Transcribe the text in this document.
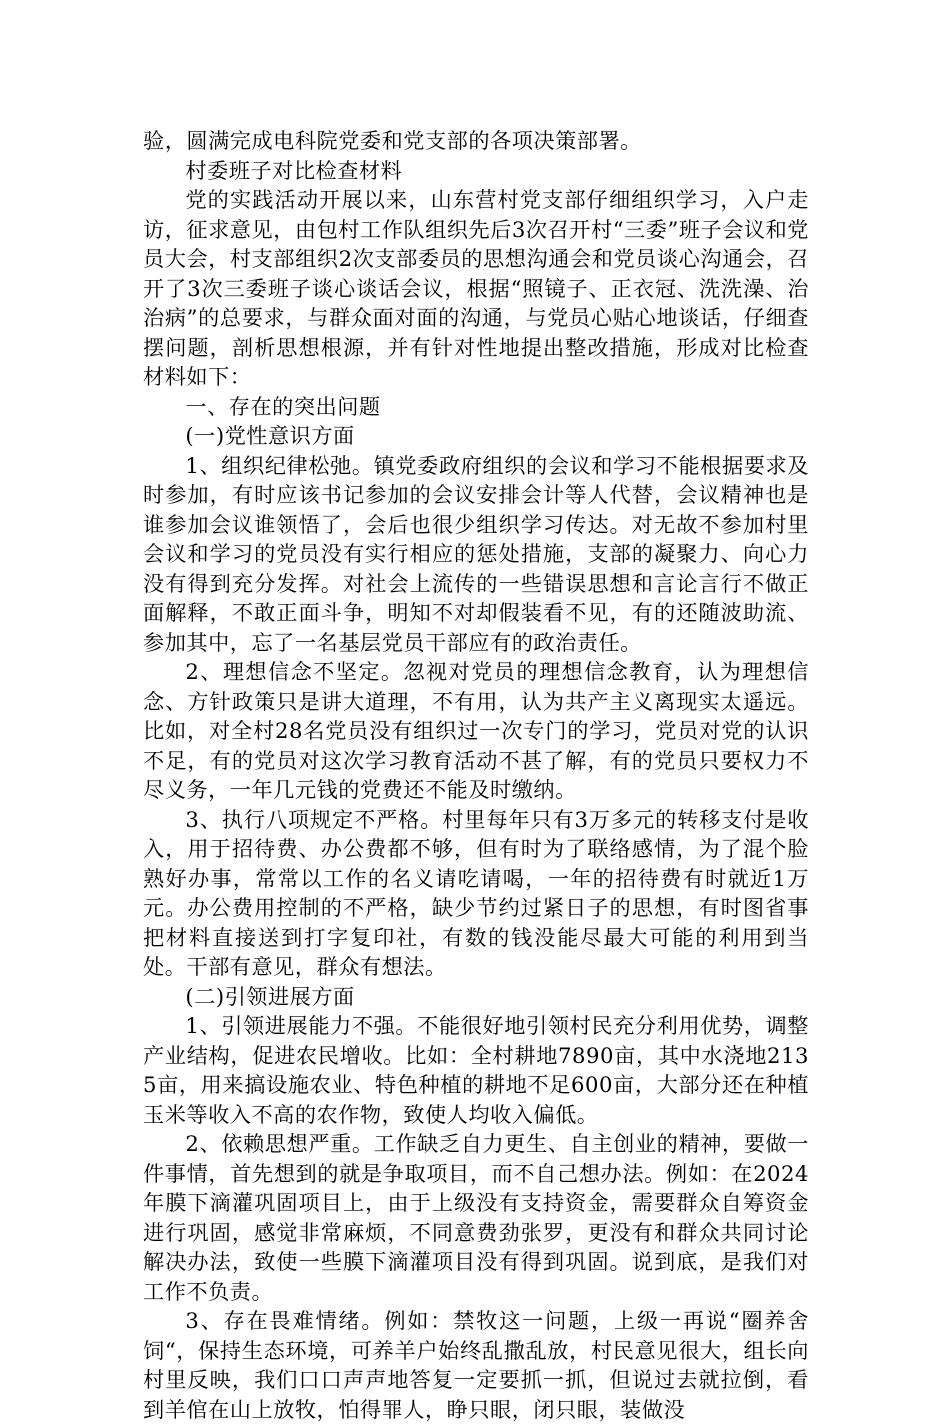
验，圆满完成电科院党委和党支部的各项决策部署。

村委班子对比检查材料

党的实践活动开展以来，山东营村党支部仔细组织学习，入户走访，征求意见，由包村工作队组织先后3次召开村“三委”班子会议和党员大会，村支部组织2次支部委员的思想沟通会和党员谈心沟通会，召开了3次三委班子谈心谈话会议，根据“照镜子、正衣冠、洗洗澡、治治病”的总要求，与群众面对面的沟通，与党员心贴心地谈话，仔细查摆问题，剖析思想根源，并有针对性地提出整改措施，形成对比检查材料如下：

一、存在的突出问题

(一)党性意识方面

1、组织纪律松弛。镇党委政府组织的会议和学习不能根据要求及时参加，有时应该书记参加的会议安排会计等人代替，会议精神也是谁参加会议谁领悟了，会后也很少组织学习传达。对无故不参加村里会议和学习的党员没有实行相应的惩处措施，支部的凝聚力、向心力没有得到充分发挥。对社会上流传的一些错误思想和言论言行不做正面解释，不敢正面斗争，明知不对却假装看不见，有的还随波助流、参加其中，忘了一名基层党员干部应有的政治责任。

2、理想信念不坚定。忽视对党员的理想信念教育，认为理想信念、方针政策只是讲大道理，不有用，认为共产主义离现实太遥远。比如，对全村28名党员没有组织过一次专门的学习，党员对党的认识不足，有的党员对这次学习教育活动不甚了解，有的党员只要权力不尽义务，一年几元钱的党费还不能及时缴纳。

3、执行八项规定不严格。村里每年只有3万多元的转移支付是收入，用于招待费、办公费都不够，但有时为了联络感情，为了混个脸熟好办事，常常以工作的名义请吃请喝，一年的招待费有时就近1万元。办公费用控制的不严格，缺少节约过紧日子的思想，有时图省事把材料直接送到打字复印社，有数的钱没能尽最大可能的利用到当处。干部有意见，群众有想法。

(二)引领进展方面

1、引领进展能力不强。不能很好地引领村民充分利用优势，调整产业结构，促进农民增收。比如：全村耕地7890亩，其中水浇地2135亩，用来搞设施农业、特色种植的耕地不足600亩，大部分还在种植玉米等收入不高的农作物，致使人均收入偏低。

2、依赖思想严重。工作缺乏自力更生、自主创业的精神，要做一件事情，首先想到的就是争取项目，而不自己想办法。例如：在2024年膜下滴灌巩固项目上，由于上级没有支持资金，需要群众自筹资金进行巩固，感觉非常麻烦，不同意费劲张罗，更没有和群众共同讨论解决办法，致使一些膜下滴灌项目没有得到巩固。说到底，是我们对工作不负责。

3、存在畏难情绪。例如：禁牧这一问题，上级一再说“圈养舍饲“，保持生态环境，可养羊户始终乱撒乱放，村民意见很大，组长向村里反映，我们口口声声地答复一定要抓一抓，但说过去就拉倒，看到羊倌在山上放牧，怕得罪人，睁只眼，闭只眼，装做没
